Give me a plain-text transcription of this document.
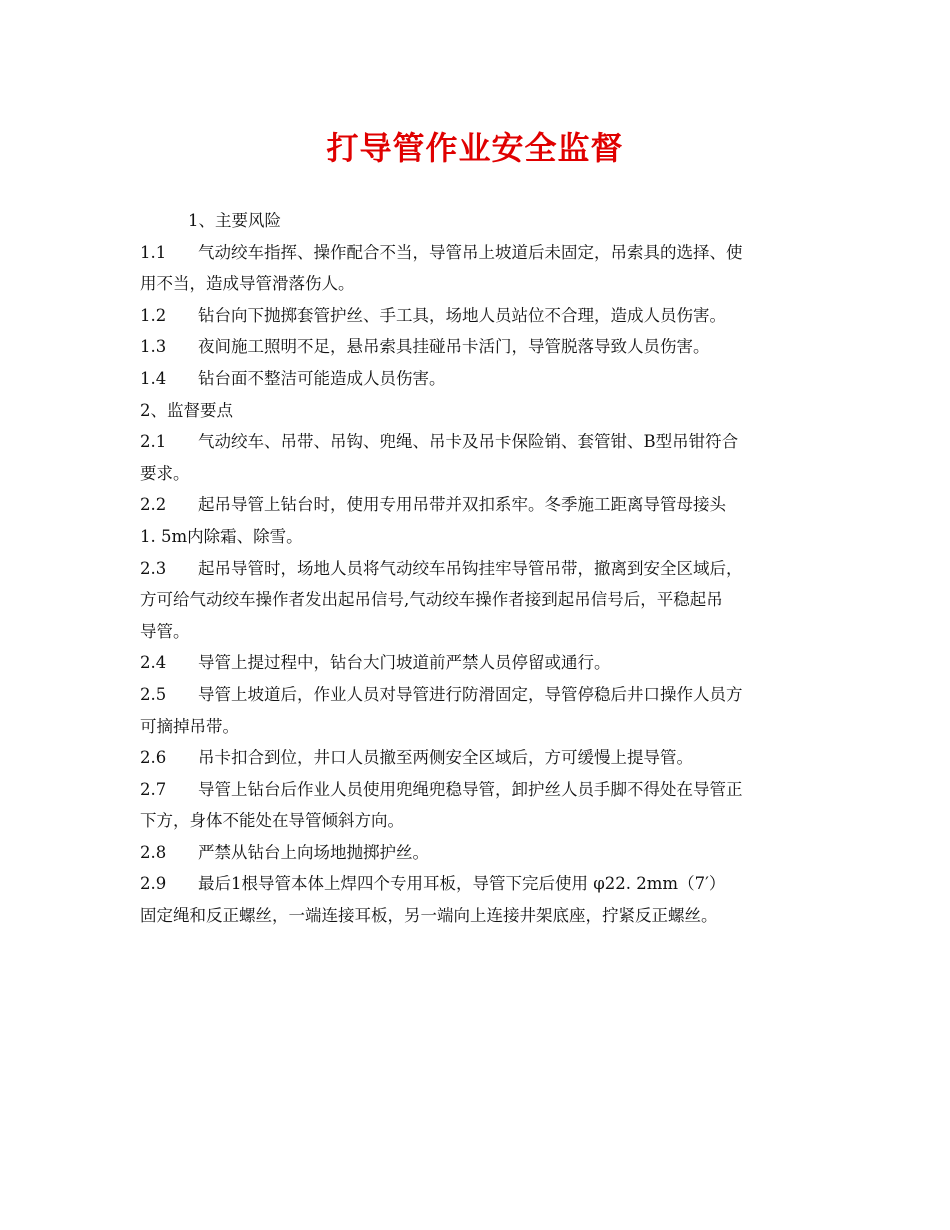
打导管作业安全监督
1、主要风险
1.1 气动绞车指挥、操作配合不当，导管吊上坡道后未固定，吊索具的选择、使
用不当，造成导管滑落伤人。
1.2 钻台向下抛掷套管护丝、手工具，场地人员站位不合理，造成人员伤害。
1.3 夜间施工照明不足，悬吊索具挂碰吊卡活门，导管脱落导致人员伤害。
1.4 钻台面不整洁可能造成人员伤害。
2、监督要点
2.1 气动绞车、吊带、吊钩、兜绳、吊卡及吊卡保险销、套管钳、B型吊钳符合
要求。
2.2 起吊导管上钻台时，使用专用吊带并双扣系牢。冬季施工距离导管母接头
1. 5m内除霜、除雪。
2.3 起吊导管时，场地人员将气动绞车吊钩挂牢导管吊带，撤离到安全区域后，
方可给气动绞车操作者发出起吊信号,气动绞车操作者接到起吊信号后，平稳起吊
导管。
2.4 导管上提过程中，钻台大门坡道前严禁人员停留或通行。
2.5 导管上坡道后，作业人员对导管进行防滑固定，导管停稳后井口操作人员方
可摘掉吊带。
2.6 吊卡扣合到位，井口人员撤至两侧安全区域后，方可缓慢上提导管。
2.7 导管上钻台后作业人员使用兜绳兜稳导管，卸护丝人员手脚不得处在导管正
下方，身体不能处在导管倾斜方向。
2.8 严禁从钻台上向场地抛掷护丝。
2.9 最后1根导管本体上焊四个专用耳板，导管下完后使用 φ22. 2mm（7′）
固定绳和反正螺丝，一端连接耳板，另一端向上连接井架底座，拧紧反正螺丝。
